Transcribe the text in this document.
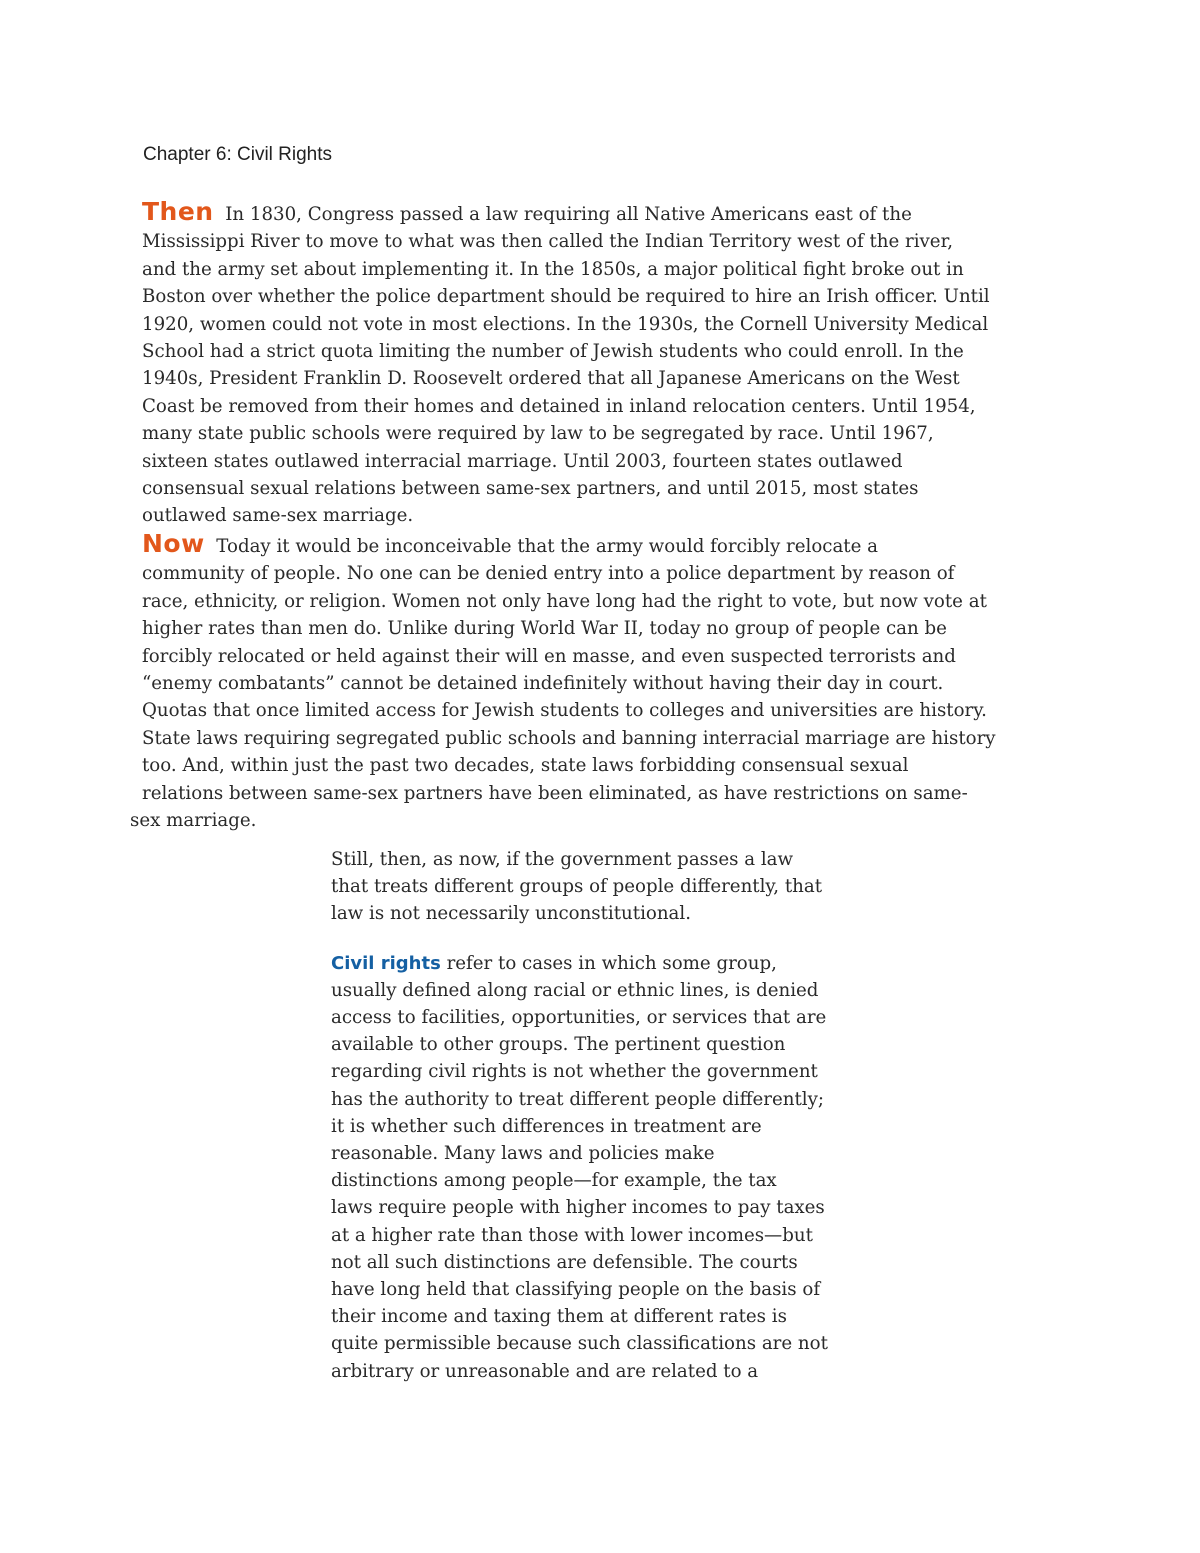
Chapter 6: Civil Rights
Then In 1830, Congress passed a law requiring all Native Americans east of the
Mississippi River to move to what was then called the Indian Territory west of the river,
and the army set about implementing it. In the 1850s, a major political fight broke out in
Boston over whether the police department should be required to hire an Irish officer. Until
1920, women could not vote in most elections. In the 1930s, the Cornell University Medical
School had a strict quota limiting the number of Jewish students who could enroll. In the
1940s, President Franklin D. Roosevelt ordered that all Japanese Americans on the West
Coast be removed from their homes and detained in inland relocation centers. Until 1954,
many state public schools were required by law to be segregated by race. Until 1967,
sixteen states outlawed interracial marriage. Until 2003, fourteen states outlawed
consensual sexual relations between same-sex partners, and until 2015, most states
outlawed same-sex marriage.
Now Today it would be inconceivable that the army would forcibly relocate a
community of people. No one can be denied entry into a police department by reason of
race, ethnicity, or religion. Women not only have long had the right to vote, but now vote at
higher rates than men do. Unlike during World War II, today no group of people can be
forcibly relocated or held against their will en masse, and even suspected terrorists and
“enemy combatants” cannot be detained indefinitely without having their day in court.
Quotas that once limited access for Jewish students to colleges and universities are history.
State laws requiring segregated public schools and banning interracial marriage are history
too. And, within just the past two decades, state laws forbidding consensual sexual
relations between same-sex partners have been eliminated, as have restrictions on same-
sex marriage.
Still, then, as now, if the government passes a law
that treats different groups of people differently, that
law is not necessarily unconstitutional.
Civil rights refer to cases in which some group,
usually defined along racial or ethnic lines, is denied
access to facilities, opportunities, or services that are
available to other groups. The pertinent question
regarding civil rights is not whether the government
has the authority to treat different people differently;
it is whether such differences in treatment are
reasonable. Many laws and policies make
distinctions among people—for example, the tax
laws require people with higher incomes to pay taxes
at a higher rate than those with lower incomes—but
not all such distinctions are defensible. The courts
have long held that classifying people on the basis of
their income and taxing them at different rates is
quite permissible because such classifications are not
arbitrary or unreasonable and are related to a
